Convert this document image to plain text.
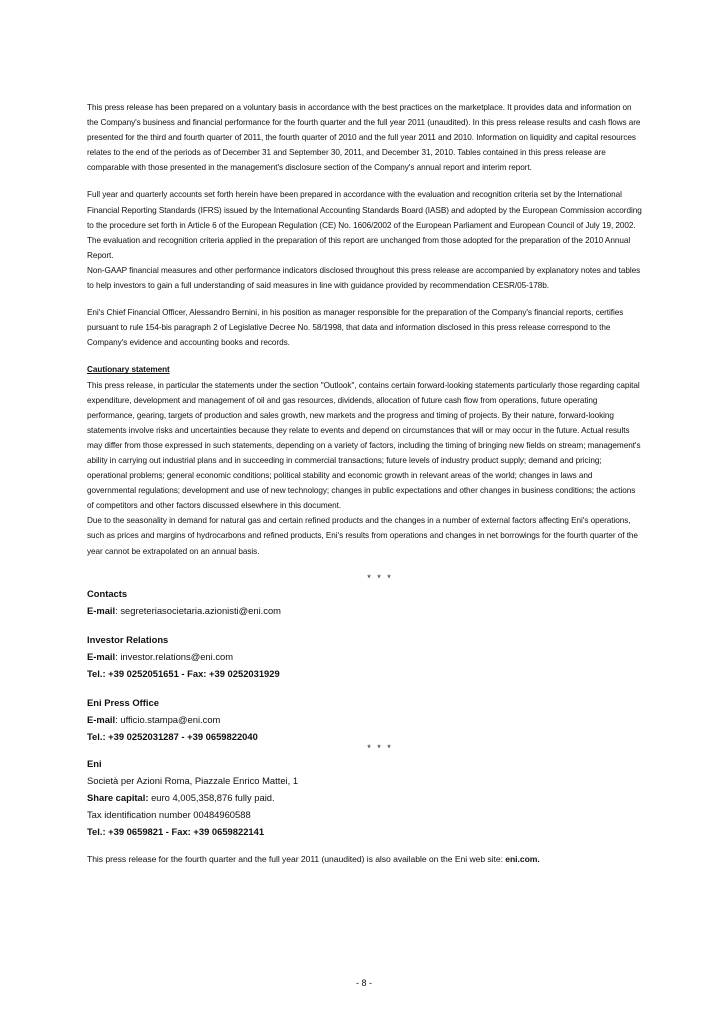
This press release has been prepared on a voluntary basis in accordance with the best practices on the marketplace. It provides data and information on the Company's business and financial performance for the fourth quarter and the full year 2011 (unaudited). In this press release results and cash flows are presented for the third and fourth quarter of 2011, the fourth quarter of 2010 and the full year 2011 and 2010. Information on liquidity and capital resources relates to the end of the periods as of December 31 and September 30, 2011, and December 31, 2010. Tables contained in this press release are comparable with those presented in the management's disclosure section of the Company's annual report and interim report.

Full year and quarterly accounts set forth herein have been prepared in accordance with the evaluation and recognition criteria set by the International Financial Reporting Standards (IFRS) issued by the International Accounting Standards Board (IASB) and adopted by the European Commission according to the procedure set forth in Article 6 of the European Regulation (CE) No. 1606/2002 of the European Parliament and European Council of July 19, 2002. The evaluation and recognition criteria applied in the preparation of this report are unchanged from those adopted for the preparation of the 2010 Annual Report.

Non-GAAP financial measures and other performance indicators disclosed throughout this press release are accompanied by explanatory notes and tables to help investors to gain a full understanding of said measures in line with guidance provided by recommendation CESR/05-178b.

Eni's Chief Financial Officer, Alessandro Bernini, in his position as manager responsible for the preparation of the Company's financial reports, certifies pursuant to rule 154-bis paragraph 2 of Legislative Decree No. 58/1998, that data and information disclosed in this press release correspond to the Company's evidence and accounting books and records.

Cautionary statement

This press release, in particular the statements under the section "Outlook", contains certain forward-looking statements particularly those regarding capital expenditure, development and management of oil and gas resources, dividends, allocation of future cash flow from operations, future operating performance, gearing, targets of production and sales growth, new markets and the progress and timing of projects. By their nature, forward-looking statements involve risks and uncertainties because they relate to events and depend on circumstances that will or may occur in the future. Actual results may differ from those expressed in such statements, depending on a variety of factors, including the timing of bringing new fields on stream; management's ability in carrying out industrial plans and in succeeding in commercial transactions; future levels of industry product supply; demand and pricing; operational problems; general economic conditions; political stability and economic growth in relevant areas of the world; changes in laws and governmental regulations; development and use of new technology; changes in public expectations and other changes in business conditions; the actions of competitors and other factors discussed elsewhere in this document.

Due to the seasonality in demand for natural gas and certain refined products and the changes in a number of external factors affecting Eni's operations, such as prices and margins of hydrocarbons and refined products, Eni's results from operations and changes in net borrowings for the fourth quarter of the year cannot be extrapolated on an annual basis.

* * *

Contacts
E-mail: segreteriasocietaria.azionisti@eni.com
Investor Relations
E-mail: investor.relations@eni.com
Tel.: +39 0252051651 - Fax: +39 0252031929
Eni Press Office
E-mail: ufficio.stampa@eni.com
Tel.: +39 0252031287 - +39 0659822040

* * *

Eni
Società per Azioni Roma, Piazzale Enrico Mattei, 1
Share capital: euro 4,005,358,876 fully paid.
Tax identification number 00484960588
Tel.: +39 0659821 - Fax: +39 0659822141

This press release for the fourth quarter and the full year 2011 (unaudited) is also available on the Eni web site: eni.com.

- 8 -
